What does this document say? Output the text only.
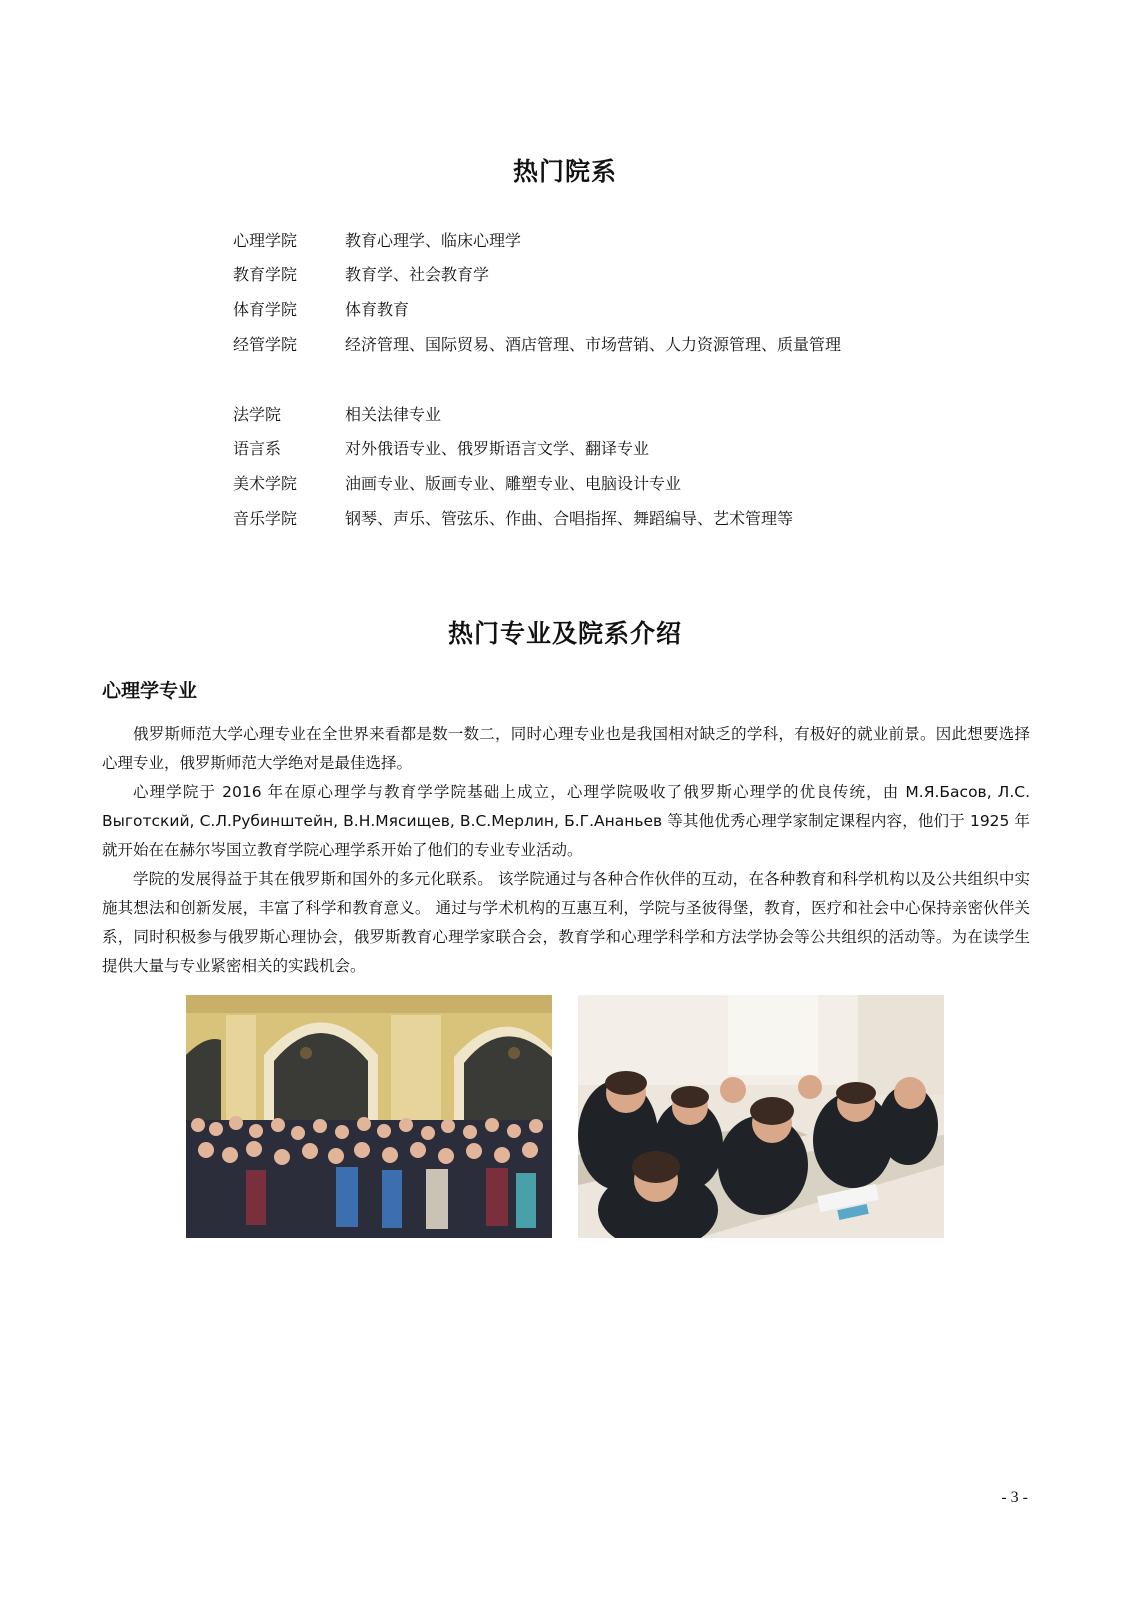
热门院系
心理学院	教育心理学、临床心理学
教育学院	教育学、社会教育学
体育学院	体育教育
经管学院	经济管理、国际贸易、酒店管理、市场营销、人力资源管理、质量管理
法学院	相关法律专业
语言系	对外俄语专业、俄罗斯语言文学、翻译专业
美术学院	油画专业、版画专业、雕塑专业、电脑设计专业
音乐学院	钢琴、声乐、管弦乐、作曲、合唱指挥、舞蹈编导、艺术管理等
热门专业及院系介绍
心理学专业

俄罗斯师范大学心理专业在全世界来看都是数一数二，同时心理专业也是我国相对缺乏的学科，有极好的就业前景。因此想要选择心理专业，俄罗斯师范大学绝对是最佳选择。

心理学院于 2016 年在原心理学与教育学学院基础上成立，心理学院吸收了俄罗斯心理学的优良传统，由 М.Я.Басов, Л.С. Выготский, С.Л.Рубинштейн, В.Н.Мясищев, В.С.Мерлин, Б.Г.Ананьев 等其他优秀心理学家制定课程内容，他们于 1925 年就开始在在赫尔岑国立教育学院心理学系开始了他们的专业专业活动。

学院的发展得益于其在俄罗斯和国外的多元化联系。 该学院通过与各种合作伙伴的互动，在各种教育和科学机构以及公共组织中实施其想法和创新发展，丰富了科学和教育意义。 通过与学术机构的互惠互利，学院与圣彼得堡，教育，医疗和社会中心保持亲密伙伴关系，同时积极参与俄罗斯心理协会，俄罗斯教育心理学家联合会，教育学和心理学科学和方法学协会等公共组织的活动等。为在读学生提供大量与专业紧密相关的实践机会。

- 3 -
